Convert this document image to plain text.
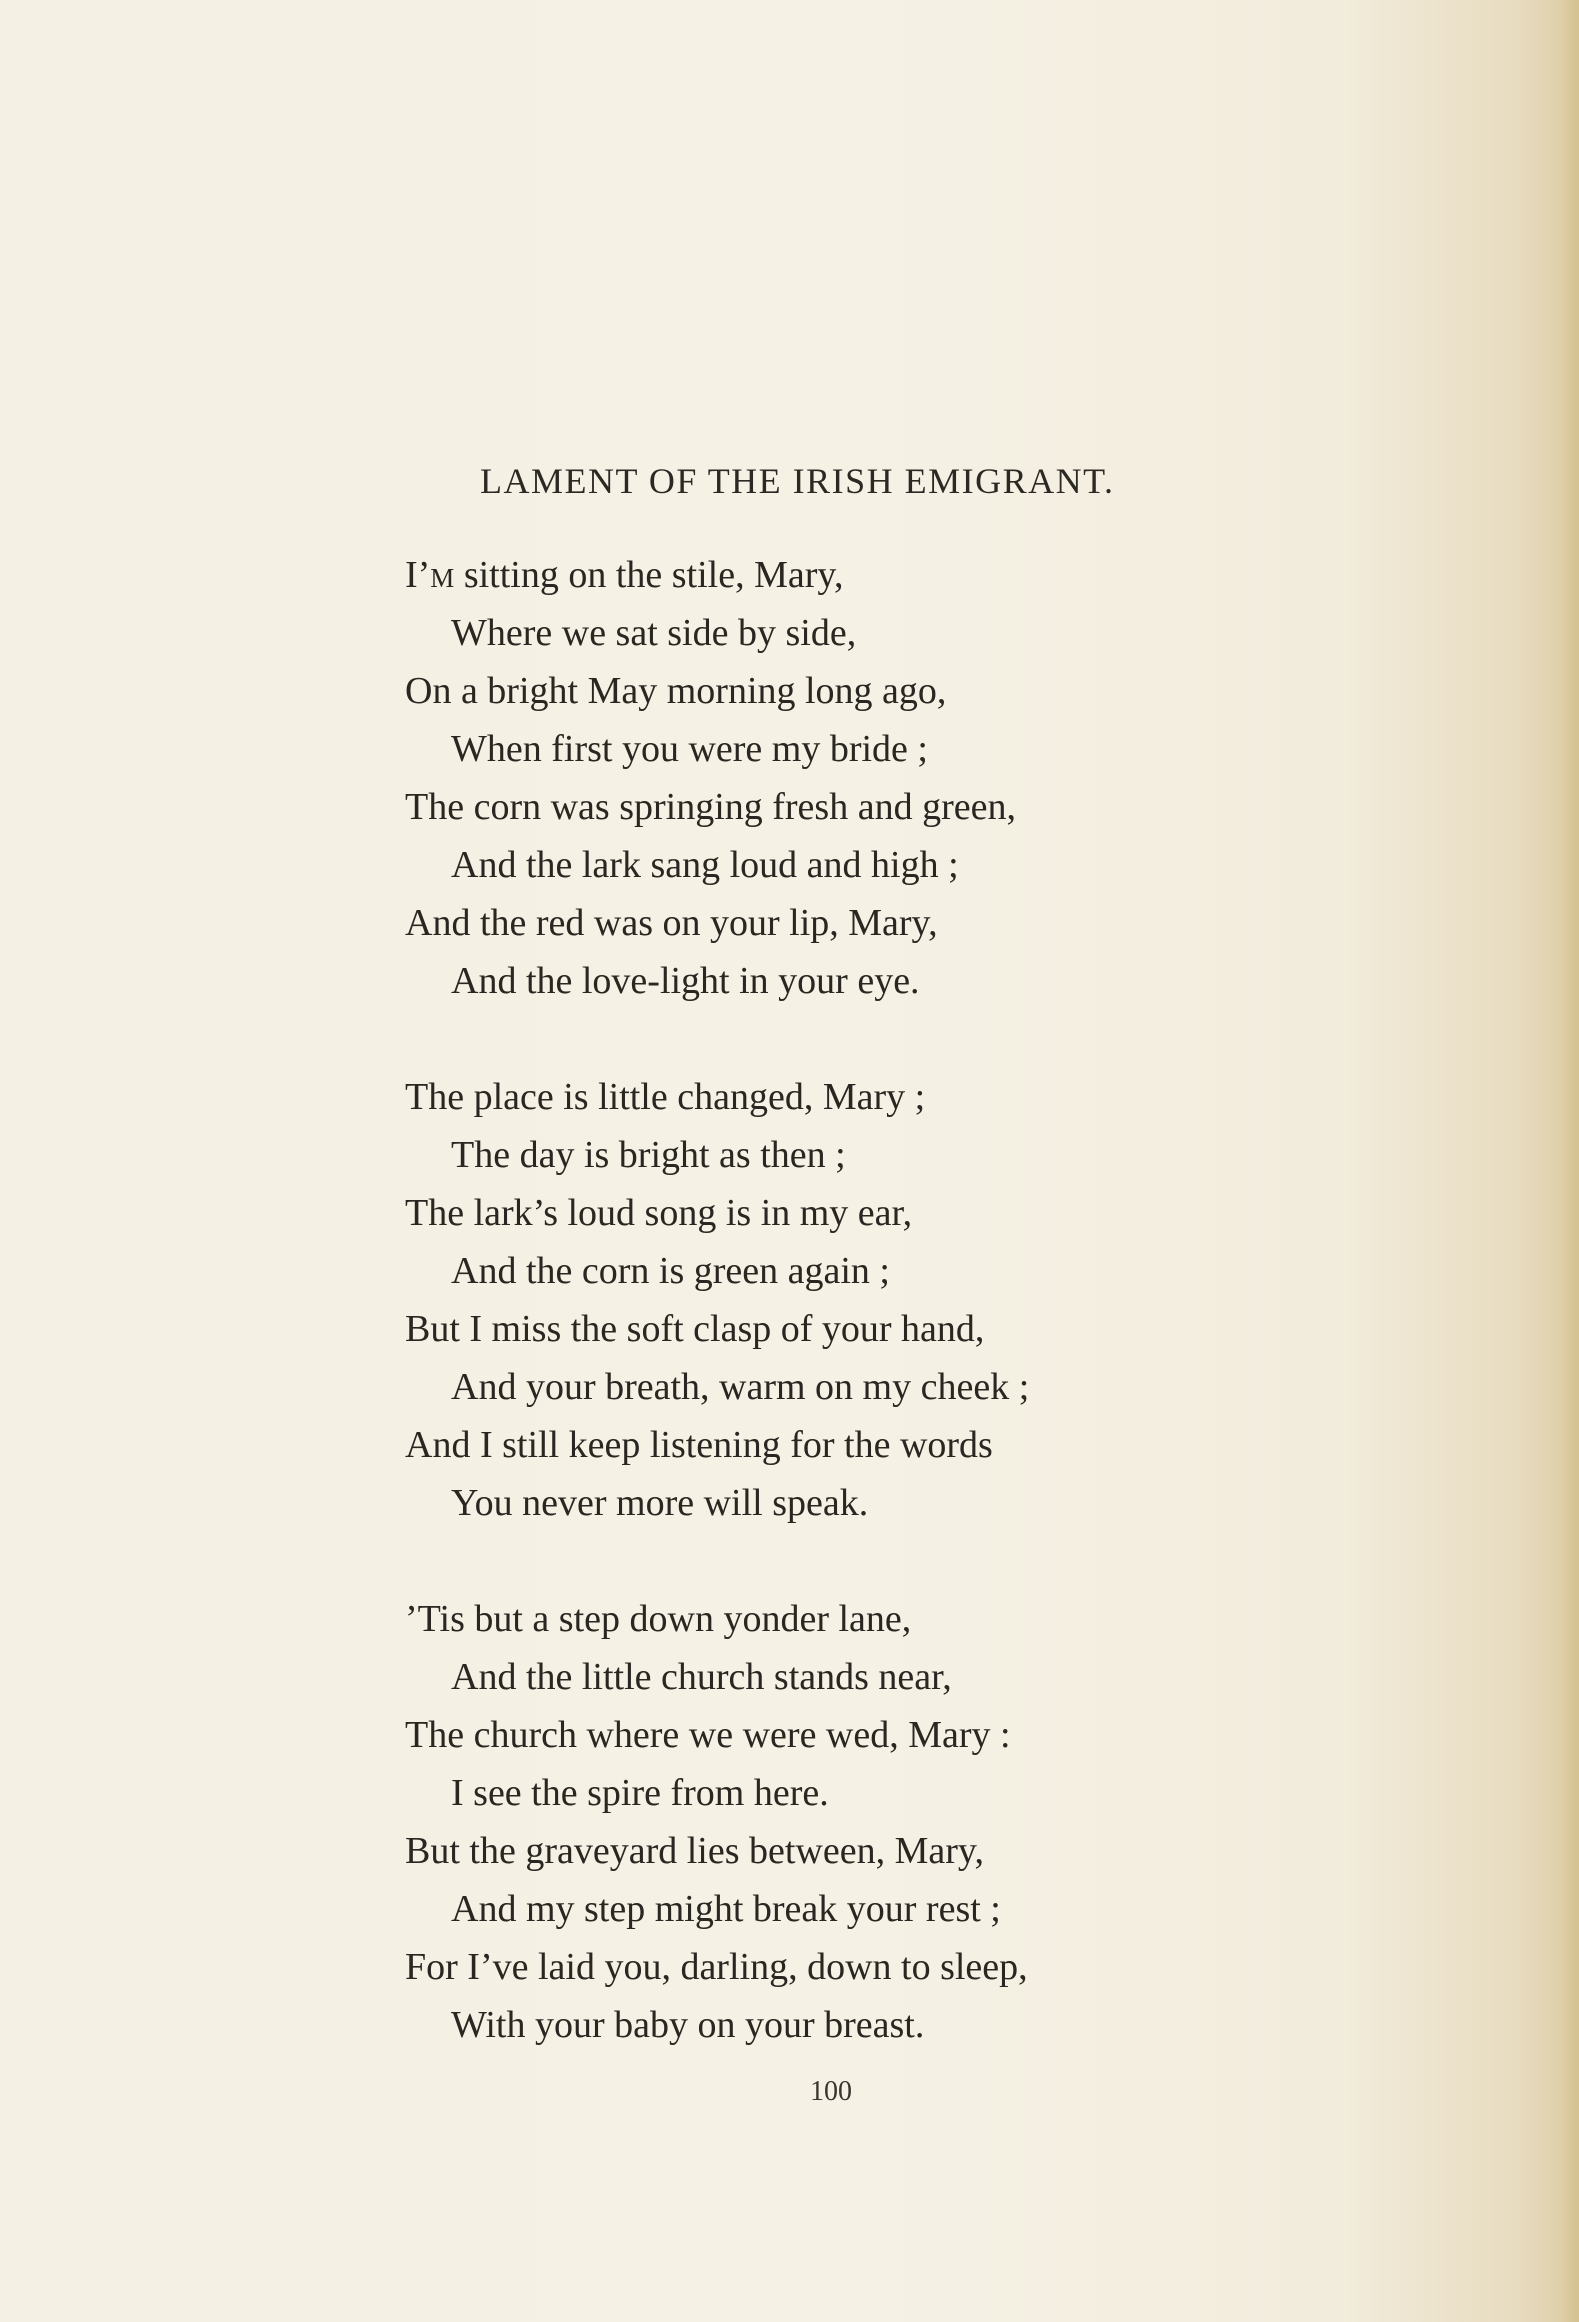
LAMENT OF THE IRISH EMIGRANT.
I’m sitting on the stile, Mary,
Where we sat side by side,
On a bright May morning long ago,
When first you were my bride ;
The corn was springing fresh and green,
And the lark sang loud and high ;
And the red was on your lip, Mary,
And the love-light in your eye.
The place is little changed, Mary ;
The day is bright as then ;
The lark’s loud song is in my ear,
And the corn is green again ;
But I miss the soft clasp of your hand,
And your breath, warm on my cheek ;
And I still keep listening for the words
You never more will speak.
’Tis but a step down yonder lane,
And the little church stands near,
The church where we were wed, Mary :
I see the spire from here.
But the graveyard lies between, Mary,
And my step might break your rest ;
For I’ve laid you, darling, down to sleep,
With your baby on your breast.
100
